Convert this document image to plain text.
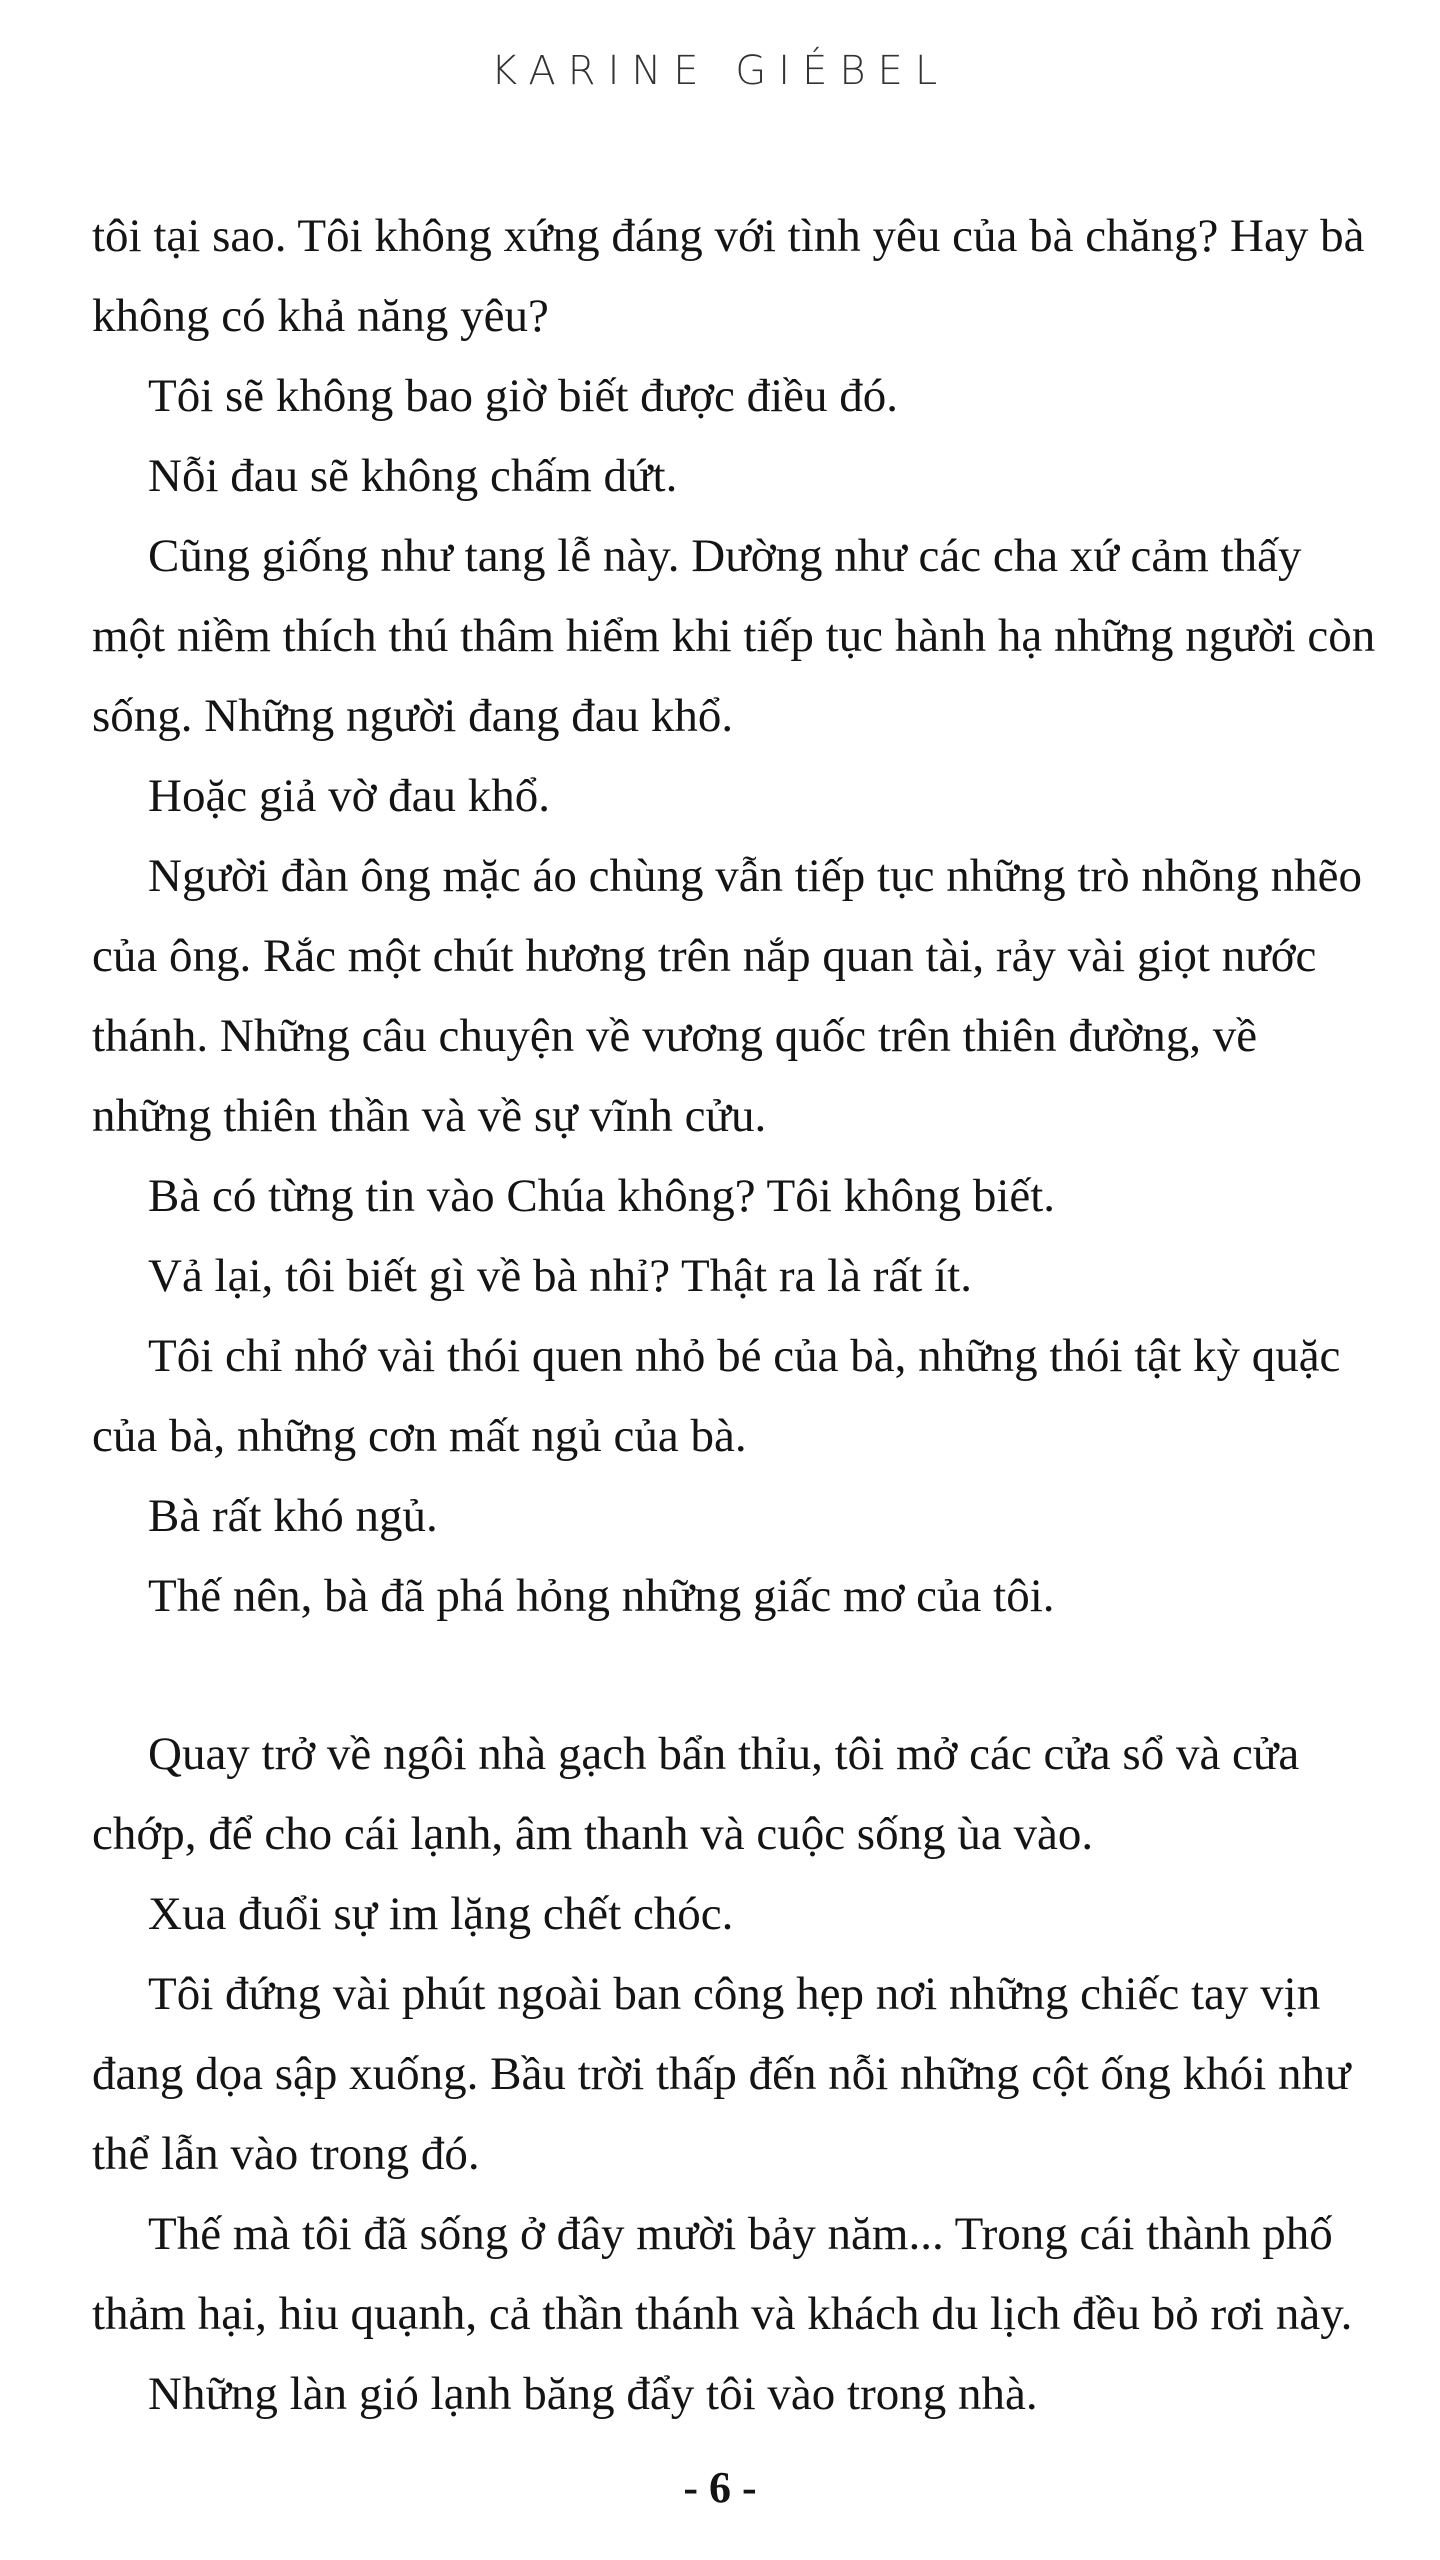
KARINE GIÉBEL

tôi tại sao. Tôi không xứng đáng với tình yêu của bà chăng? Hay bà không có khả năng yêu?

Tôi sẽ không bao giờ biết được điều đó.

Nỗi đau sẽ không chấm dứt.

Cũng giống như tang lễ này. Dường như các cha xứ cảm thấy một niềm thích thú thâm hiểm khi tiếp tục hành hạ những người còn sống. Những người đang đau khổ.

Hoặc giả vờ đau khổ.

Người đàn ông mặc áo chùng vẫn tiếp tục những trò nhõng nhẽo của ông. Rắc một chút hương trên nắp quan tài, rảy vài giọt nước thánh. Những câu chuyện về vương quốc trên thiên đường, về những thiên thần và về sự vĩnh cửu.

Bà có từng tin vào Chúa không? Tôi không biết.

Vả lại, tôi biết gì về bà nhỉ? Thật ra là rất ít.

Tôi chỉ nhớ vài thói quen nhỏ bé của bà, những thói tật kỳ quặc của bà, những cơn mất ngủ của bà.

Bà rất khó ngủ.

Thế nên, bà đã phá hỏng những giấc mơ của tôi.

Quay trở về ngôi nhà gạch bẩn thỉu, tôi mở các cửa sổ và cửa chớp, để cho cái lạnh, âm thanh và cuộc sống ùa vào.

Xua đuổi sự im lặng chết chóc.

Tôi đứng vài phút ngoài ban công hẹp nơi những chiếc tay vịn đang dọa sập xuống. Bầu trời thấp đến nỗi những cột ống khói như thể lẫn vào trong đó.

Thế mà tôi đã sống ở đây mười bảy năm... Trong cái thành phố thảm hại, hiu quạnh, cả thần thánh và khách du lịch đều bỏ rơi này.

Những làn gió lạnh băng đẩy tôi vào trong nhà.

- 6 -
